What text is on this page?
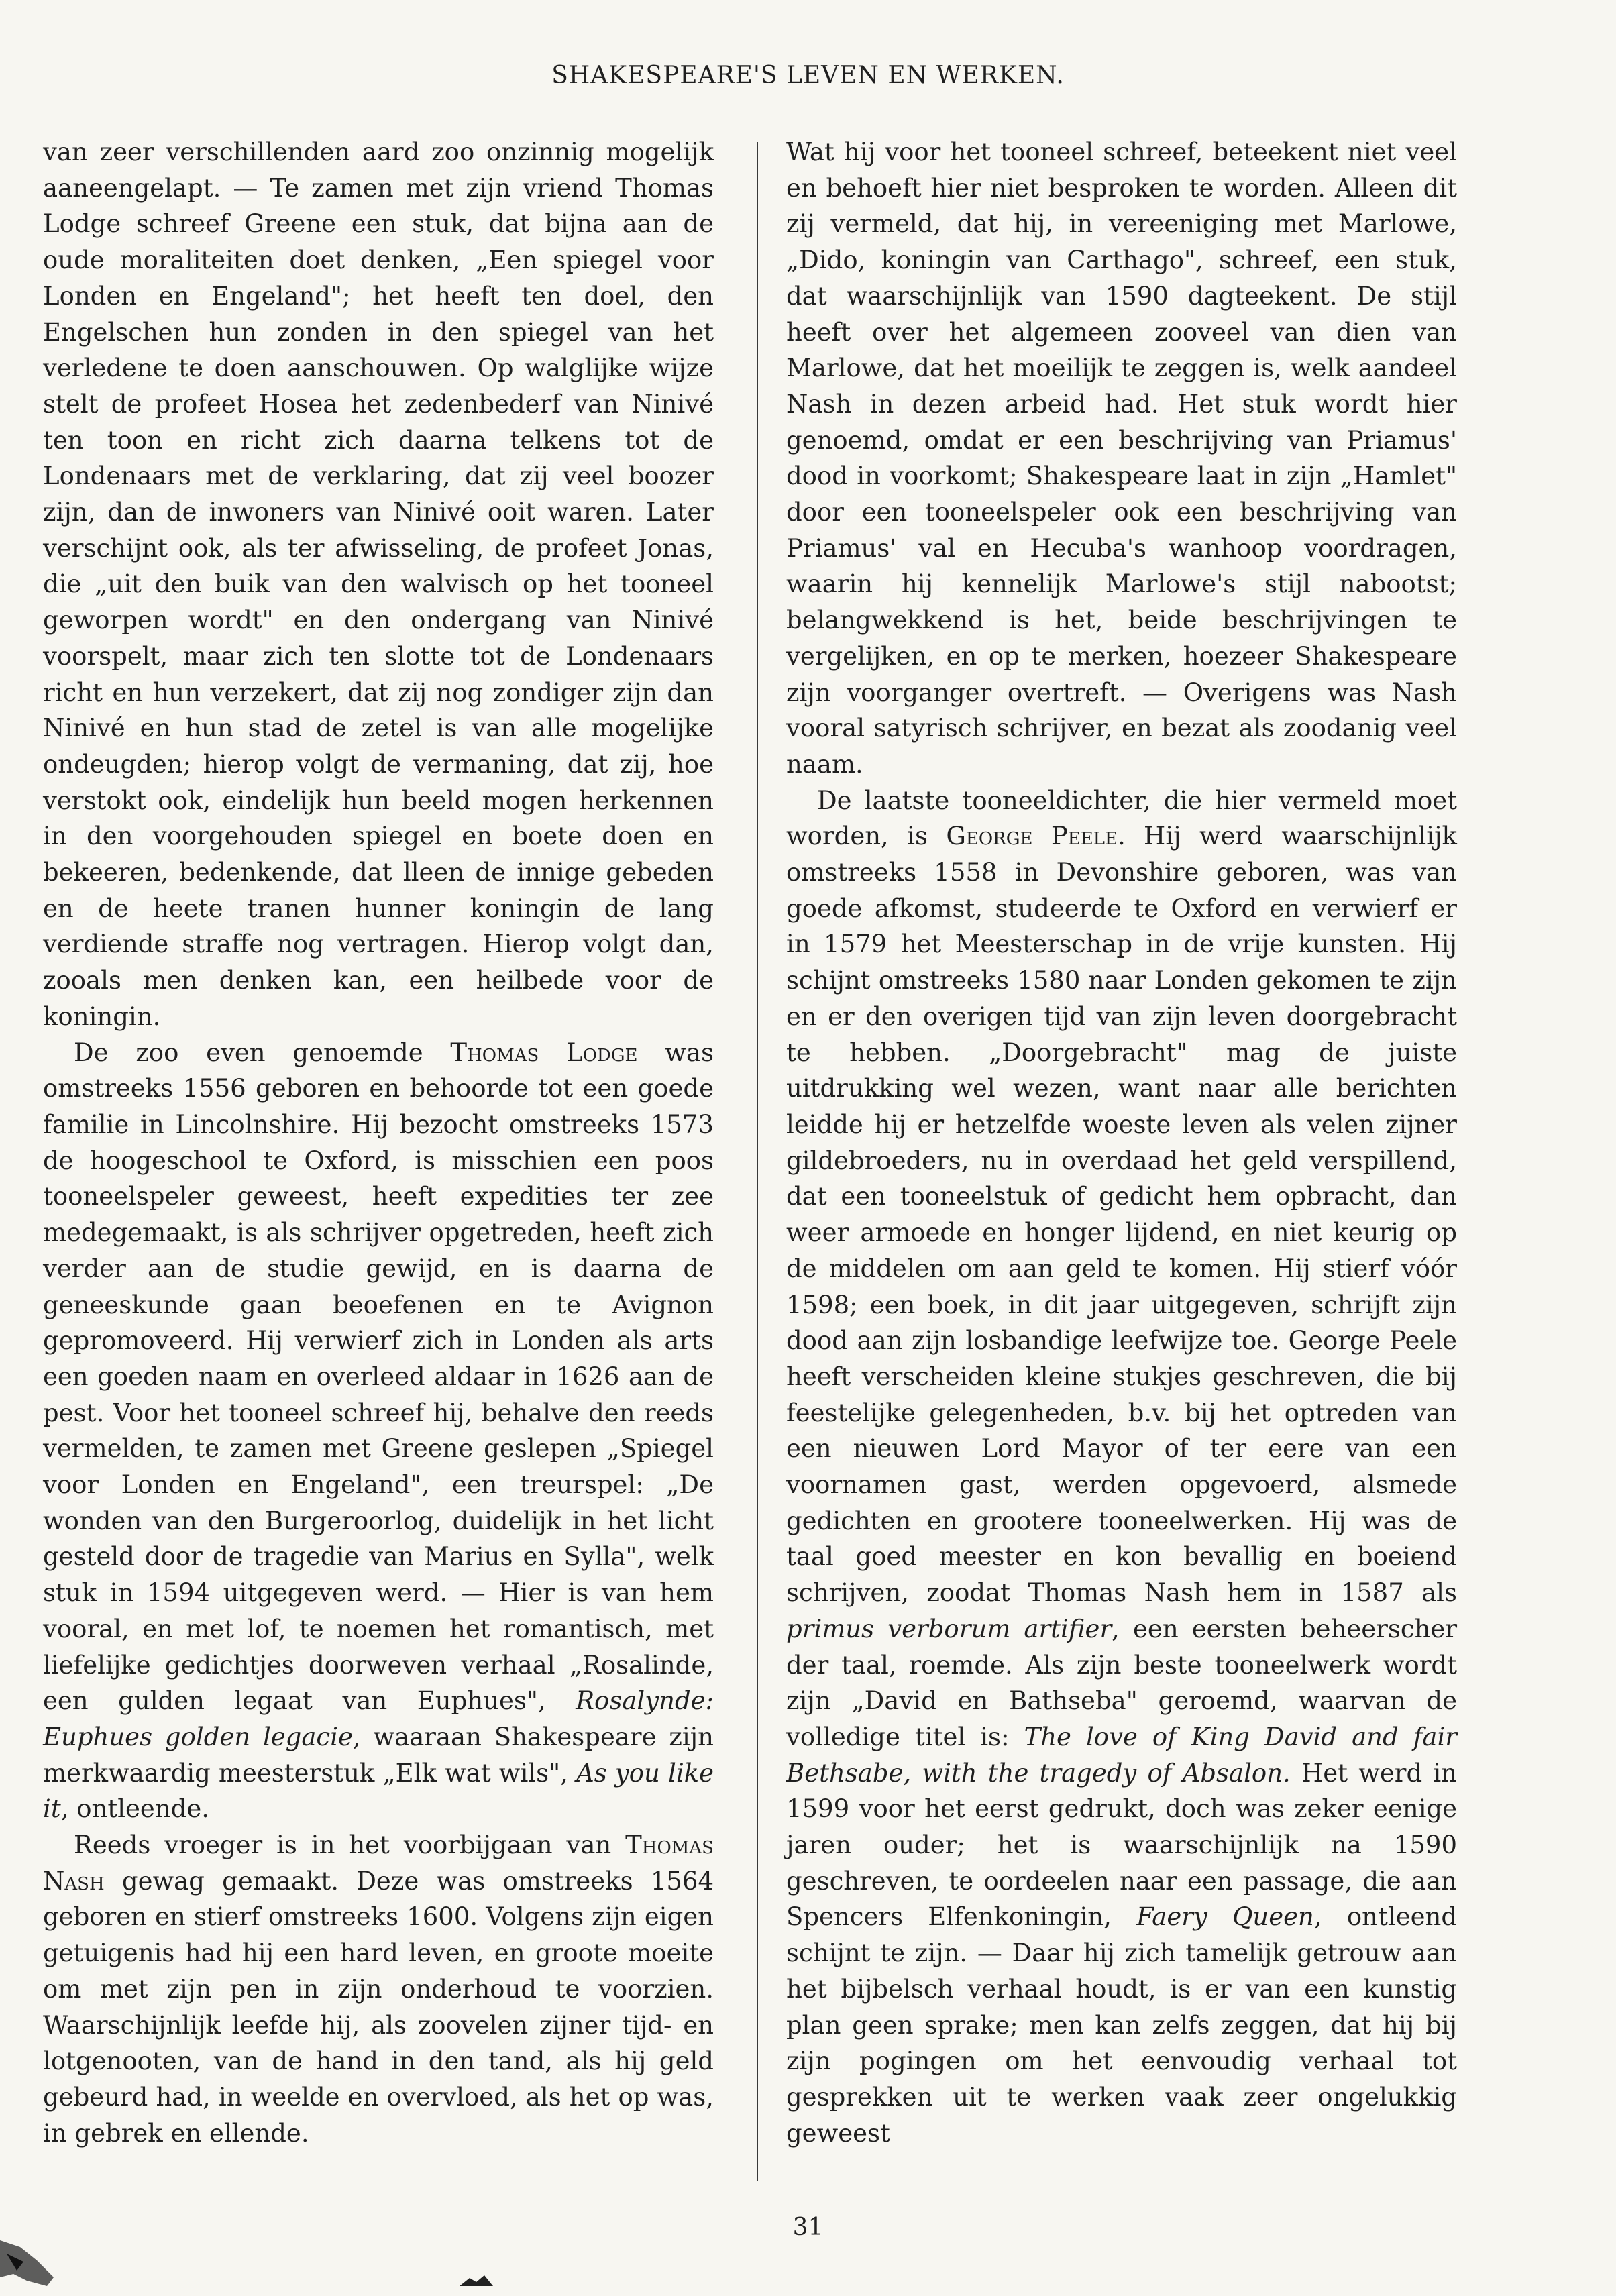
SHAKESPEARE'S LEVEN EN WERKEN.

van zeer verschillenden aard zoo onzinnig mogelijk aaneengelapt. — Te zamen met zijn vriend Thomas Lodge schreef Greene een stuk, dat bijna aan de oude moraliteiten doet denken, „Een spiegel voor Londen en Engeland"; het heeft ten doel, den Engelschen hun zonden in den spiegel van het verledene te doen aanschouwen. Op walglijke wijze stelt de profeet Hosea het zedenbederf van Ninivé ten toon en richt zich daarna telkens tot de Londenaars met de verklaring, dat zij veel boozer zijn, dan de inwoners van Ninivé ooit waren. Later verschijnt ook, als ter afwisseling, de profeet Jonas, die „uit den buik van den walvisch op het tooneel geworpen wordt" en den ondergang van Ninivé voorspelt, maar zich ten slotte tot de Londenaars richt en hun verzekert, dat zij nog zondiger zijn dan Ninivé en hun stad de zetel is van alle mogelijke ondeugden; hierop volgt de vermaning, dat zij, hoe verstokt ook, eindelijk hun beeld mogen herkennen in den voorgehouden spiegel en boete doen en bekeeren, bedenkende, dat lleen de innige gebeden en de heete tranen hunner koningin de lang verdiende straffe nog vertragen. Hierop volgt dan, zooals men denken kan, een heilbede voor de koningin.

De zoo even genoemde Thomas Lodge was omstreeks 1556 geboren en behoorde tot een goede familie in Lincolnshire. Hij bezocht omstreeks 1573 de hoogeschool te Oxford, is misschien een poos tooneelspeler geweest, heeft expedities ter zee medegemaakt, is als schrijver opgetreden, heeft zich verder aan de studie gewijd, en is daarna de geneeskunde gaan beoefenen en te Avignon gepromoveerd. Hij verwierf zich in Londen als arts een goeden naam en overleed aldaar in 1626 aan de pest. Voor het tooneel schreef hij, behalve den reeds vermelden, te zamen met Greene geslepen „Spiegel voor Londen en Engeland", een treurspel: „De wonden van den Burgeroorlog, duidelijk in het licht gesteld door de tragedie van Marius en Sylla", welk stuk in 1594 uitgegeven werd. — Hier is van hem vooral, en met lof, te noemen het romantisch, met liefelijke gedichtjes doorweven verhaal „Rosalinde, een gulden legaat van Euphues", Rosalynde: Euphues golden legacie, waaraan Shakespeare zijn merkwaardig meesterstuk „Elk wat wils", As you like it, ontleende.

Reeds vroeger is in het voorbijgaan van Thomas Nash gewag gemaakt. Deze was omstreeks 1564 geboren en stierf omstreeks 1600. Volgens zijn eigen getuigenis had hij een hard leven, en groote moeite om met zijn pen in zijn onderhoud te voorzien. Waarschijnlijk leefde hij, als zoovelen zijner tijd- en lotgenooten, van de hand in den tand, als hij geld gebeurd had, in weelde en overvloed, als het op was, in gebrek en ellende.

Wat hij voor het tooneel schreef, beteekent niet veel en behoeft hier niet besproken te worden. Alleen dit zij vermeld, dat hij, in vereeniging met Marlowe, „Dido, koningin van Carthago", schreef, een stuk, dat waarschijnlijk van 1590 dagteekent. De stijl heeft over het algemeen zooveel van dien van Marlowe, dat het moeilijk te zeggen is, welk aandeel Nash in dezen arbeid had. Het stuk wordt hier genoemd, omdat er een beschrijving van Priamus' dood in voorkomt; Shakespeare laat in zijn „Hamlet" door een tooneelspeler ook een beschrijving van Priamus' val en Hecuba's wanhoop voordragen, waarin hij kennelijk Marlowe's stijl nabootst; belangwekkend is het, beide beschrijvingen te vergelijken, en op te merken, hoezeer Shakespeare zijn voorganger overtreft. — Overigens was Nash vooral satyrisch schrijver, en bezat als zoodanig veel naam.

De laatste tooneeldichter, die hier vermeld moet worden, is George Peele. Hij werd waarschijnlijk omstreeks 1558 in Devonshire geboren, was van goede afkomst, studeerde te Oxford en verwierf er in 1579 het Meesterschap in de vrije kunsten. Hij schijnt omstreeks 1580 naar Londen gekomen te zijn en er den overigen tijd van zijn leven doorgebracht te hebben. „Doorgebracht" mag de juiste uitdrukking wel wezen, want naar alle berichten leidde hij er hetzelfde woeste leven als velen zijner gildebroeders, nu in overdaad het geld verspillend, dat een tooneelstuk of gedicht hem opbracht, dan weer armoede en honger lijdend, en niet keurig op de middelen om aan geld te komen. Hij stierf vóór 1598; een boek, in dit jaar uitgegeven, schrijft zijn dood aan zijn losbandige leefwijze toe. George Peele heeft verscheiden kleine stukjes geschreven, die bij feestelijke gelegenheden, b.v. bij het optreden van een nieuwen Lord Mayor of ter eere van een voornamen gast, werden opgevoerd, alsmede gedichten en grootere tooneelwerken. Hij was de taal goed meester en kon bevallig en boeiend schrijven, zoodat Thomas Nash hem in 1587 als primus verborum artifier, een eersten beheerscher der taal, roemde. Als zijn beste tooneelwerk wordt zijn „David en Bathseba" geroemd, waarvan de volledige titel is: The love of King David and fair Bethsabe, with the tragedy of Absalon. Het werd in 1599 voor het eerst gedrukt, doch was zeker eenige jaren ouder; het is waarschijnlijk na 1590 geschreven, te oordeelen naar een passage, die aan Spencers Elfenkoningin, Faery Queen, ontleend schijnt te zijn. — Daar hij zich tamelijk getrouw aan het bijbelsch verhaal houdt, is er van een kunstig plan geen sprake; men kan zelfs zeggen, dat hij bij zijn pogingen om het eenvoudig verhaal tot gesprekken uit te werken vaak zeer ongelukkig geweest

31
